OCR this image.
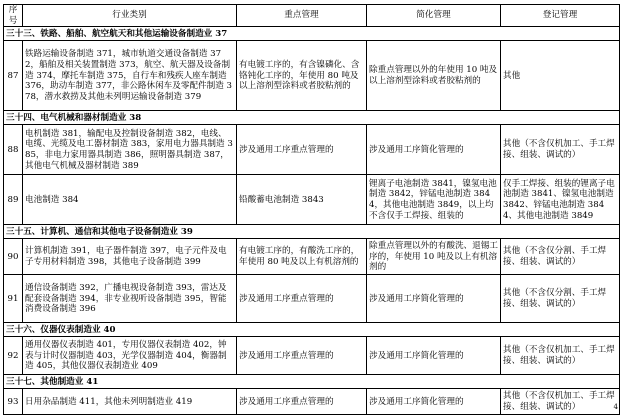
序号	行业类别	重点管理	简化管理	登记管理
三十三、铁路、船舶、航空航天和其他运输设备制造业 37				
87	铁路运输设备制造 371，城市轨道交通设备制造 372，船舶及相关装置制造 373，航空、航天器及设备制造 374，摩托车制造 375，自行车和残疾人座车制造 376，助动车制造 377，非公路休闲车及零配件制造 378，潜水救捞及其他未列明运输设备制造 379	有电镀工序的，有含镍磷化、含铬钝化工序的，年使用 80 吨及以上溶剂型涂料或者胶粘剂的	除重点管理以外的年使用 10 吨及以上溶剂型涂料或者胶粘剂的	其他
三十四、电气机械和器材制造业 38				
88	电机制造 381，输配电及控制设备制造 382，电线、电缆、光缆及电工器材制造 383，家用电力器具制造 385，非电力家用器具制造 386，照明器具制造 387，其他电气机械及器材制造 389	涉及通用工序重点管理的	涉及通用工序简化管理的	其他（不含仅机加工、手工焊接、组装、调试的）
89	电池制造 384	铅酸蓄电池制造 3843	锂离子电池制造 3841，镍氢电池制造 3842，锌锰电池制造 3844，其他电池制造 3849，以上均不含仅手工焊接、组装的	仅手工焊接、组装的锂离子电池制造 3841、镍氢电池制造 3842、锌锰电池制造 3844、其他电池制造 3849
三十五、计算机、通信和其他电子设备制造业 39				
90	计算机制造 391，电子器件制造 397，电子元件及电子专用材料制造 398，其他电子设备制造 399	有电镀工序的，有酸洗工序的，年使用 80 吨及以上有机溶剂的	除重点管理以外的有酸洗、退锡工序的，年使用 10 吨及以上有机溶剂的	其他（不含仅分割、手工焊接、组装、调试的）
91	通信设备制造 392，广播电视设备制造 393，雷达及配套设备制造 394，非专业视听设备制造 395，智能消费设备制造 396	涉及通用工序重点管理的	涉及通用工序简化管理的	其他（不含仅分割、手工焊接、组装、调试的）
三十六、仪器仪表制造业 40				
92	通用仪器仪表制造 401，专用仪器仪表制造 402，钟表与计时仪器制造 403，光学仪器制造 404，衡器制造 405，其他仪器仪表制造业 409	涉及通用工序重点管理的	涉及通用工序简化管理的	其他（不含仅机加工、手工焊接、组装、调试的）
三十七、其他制造业 41				
93	日用杂品制造 411，其他未列明制造业 419	涉及通用工序重点管理的	涉及通用工序简化管理的	其他（不含仅机加工、手工焊接、组装、调试的）	4
